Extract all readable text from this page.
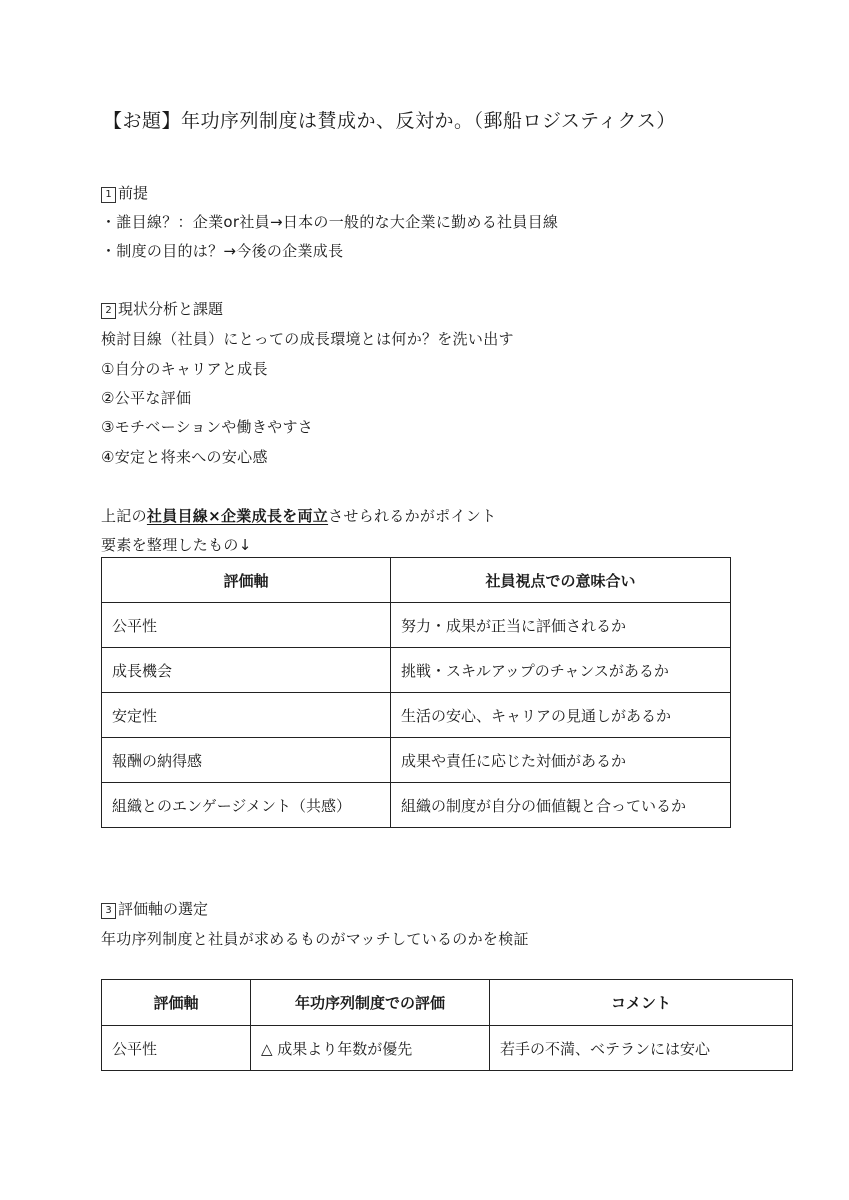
【お題】年功序列制度は賛成か、反対か。（郵船ロジスティクス）
1 前提
・誰目線？：企業or社員→日本の一般的な大企業に勤める社員目線
・制度の目的は？→今後の企業成長
2 現状分析と課題
検討目線（社員）にとっての成長環境とは何か？を洗い出す
①自分のキャリアと成長
②公平な評価
③モチベーションや働きやすさ
④安定と将来への安心感
上記の社員目線×企業成長を両立させられるかがポイント
要素を整理したもの↓
評価軸	社員視点での意味合い
公平性	努力・成果が正当に評価されるか
成長機会	挑戦・スキルアップのチャンスがあるか
安定性	生活の安心、キャリアの見通しがあるか
報酬の納得感	成果や責任に応じた対価があるか
組織とのエンゲージメント（共感）	組織の制度が自分の価値観と合っているか
3 評価軸の選定
年功序列制度と社員が求めるものがマッチしているのかを検証
評価軸	年功序列制度での評価	コメント
公平性	△ 成果より年数が優先	若手の不満、ベテランには安心
